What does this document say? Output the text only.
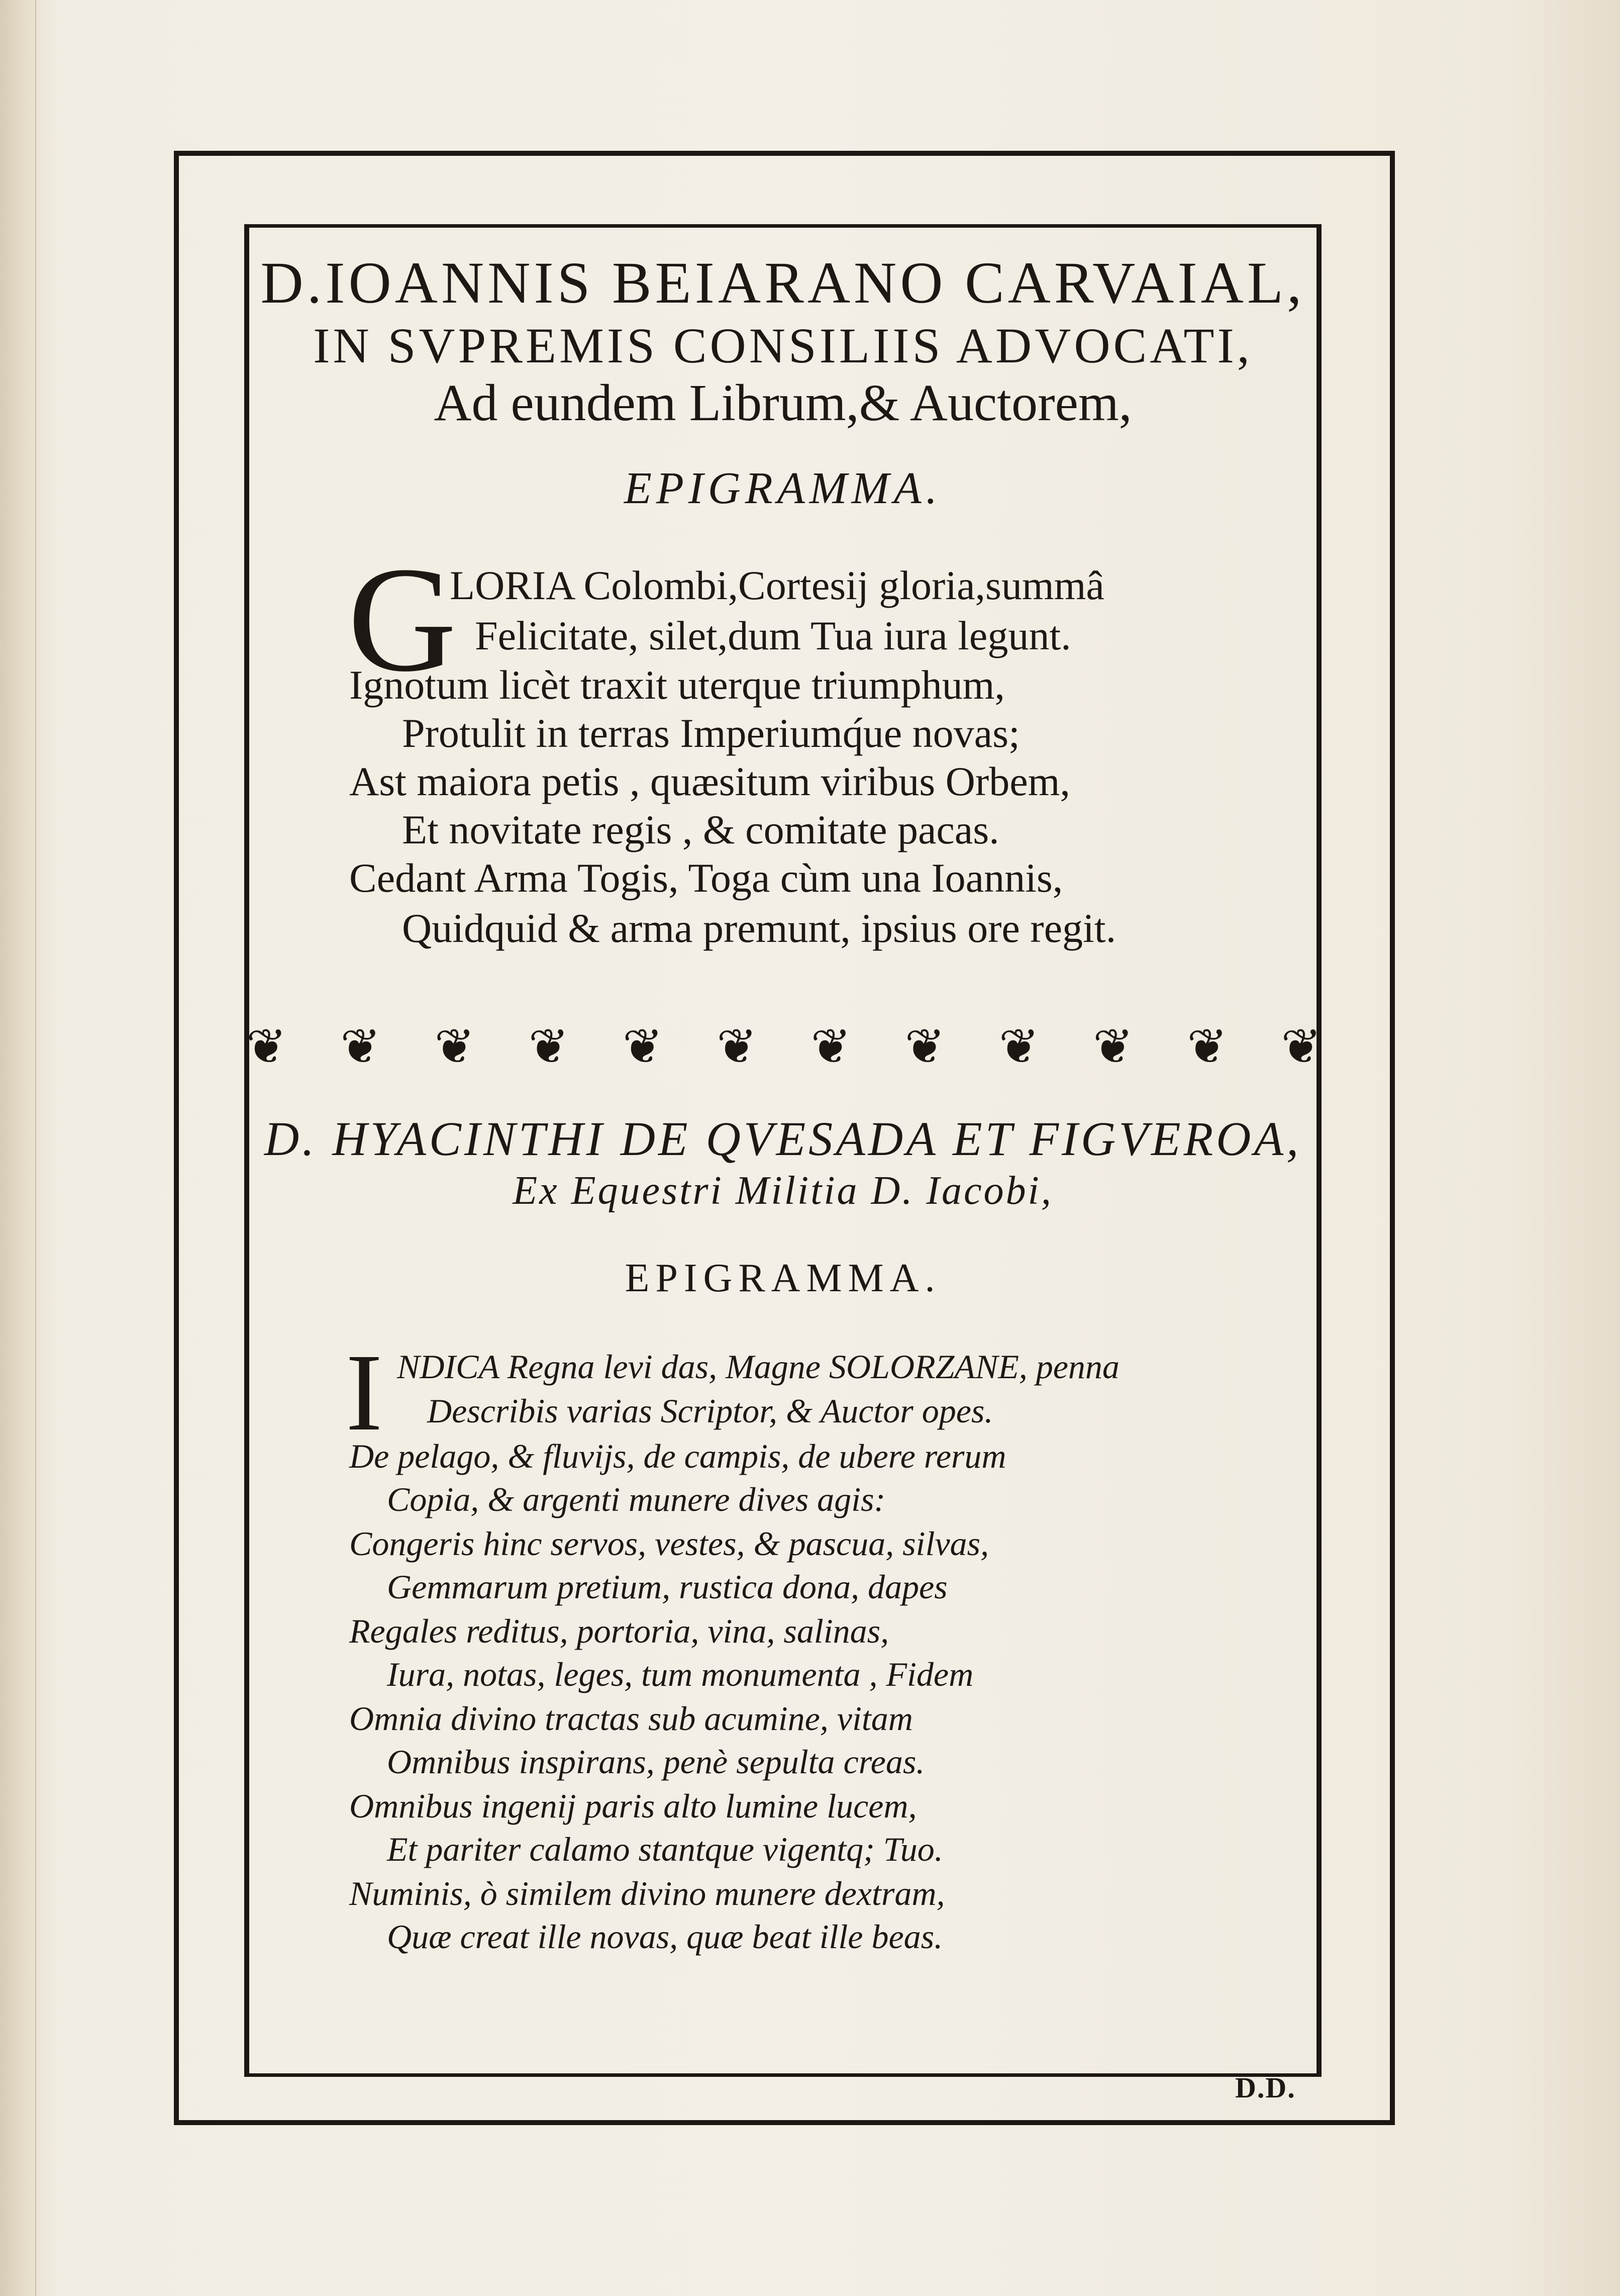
D.IOANNIS BEIARANO CARVAIAL,
IN SVPREMIS CONSILIIS ADVOCATI,
Ad eundem Librum,& Auctorem,
EPIGRAMMA.
G
LORIA Colombi,Cortesij gloria,summâ
Felicitate, silet,dum Tua iura legunt.
Ignotum licèt traxit uterque triumphum,
Protulit in terras Imperiumq́ue novas;
Ast maiora petis , quæsitum viribus Orbem,
Et novitate regis , & comitate pacas.
Cedant Arma Togis, Toga cùm una Ioannis,
Quidquid & arma premunt, ipsius ore regit.
❦ ❦ ❦ ❦ ❦ ❦ ❦ ❦ ❦ ❦ ❦ ❦
D. HYACINTHI DE QVESADA ET FIGVEROA,
Ex Equestri Militia D. Iacobi,
EPIGRAMMA.
I NDICA Regna levi das, Magne SOLORZANE, penna
Describis varias Scriptor, & Auctor opes.
De pelago, & fluvijs, de campis, de ubere rerum
Copia, & argenti munere dives agis:
Congeris hinc servos, vestes, & pascua, silvas,
Gemmarum pretium, rustica dona, dapes
Regales reditus, portoria, vina, salinas,
Iura, notas, leges, tum monumenta , Fidem
Omnia divino tractas sub acumine, vitam
Omnibus inspirans, penè sepulta creas.
Omnibus ingenij paris alto lumine lucem,
Et pariter calamo stantque vigentq; Tuo.
Numinis, ò similem divino munere dextram,
Quæ creat ille novas, quæ beat ille beas.
D.D.
